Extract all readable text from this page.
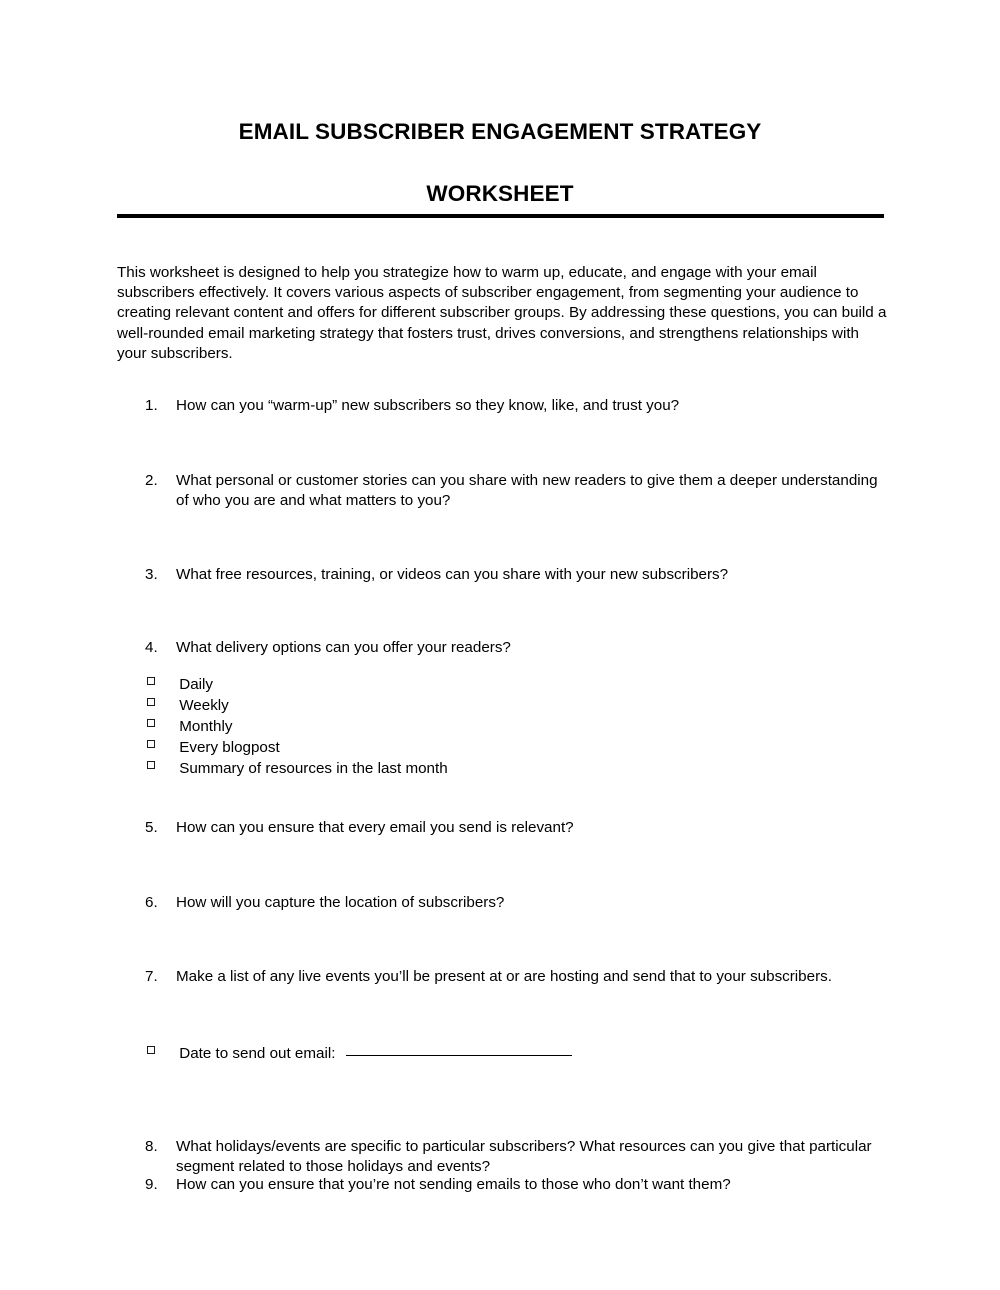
EMAIL SUBSCRIBER ENGAGEMENT STRATEGY
WORKSHEET
This worksheet is designed to help you strategize how to warm up, educate, and engage with your email subscribers effectively. It covers various aspects of subscriber engagement, from segmenting your audience to creating relevant content and offers for different subscriber groups. By addressing these questions, you can build a well-rounded email marketing strategy that fosters trust, drives conversions, and strengthens relationships with your subscribers.
1.	How can you “warm-up” new subscribers so they know, like, and trust you?
2.	What personal or customer stories can you share with new readers to give them a deeper understanding of who you are and what matters to you?
3.	What free resources, training, or videos can you share with your new subscribers?
4.	What delivery options can you offer your readers?
Daily
Weekly
Monthly
Every blogpost
Summary of resources in the last month
5.	How can you ensure that every email you send is relevant?
6.	How will you capture the location of subscribers?
7.	Make a list of any live events you’ll be present at or are hosting and send that to your subscribers.
Date to send out email:
8.	What holidays/events are specific to particular subscribers? What resources can you give that particular segment related to those holidays and events?
9.	How can you ensure that you’re not sending emails to those who don’t want them?
